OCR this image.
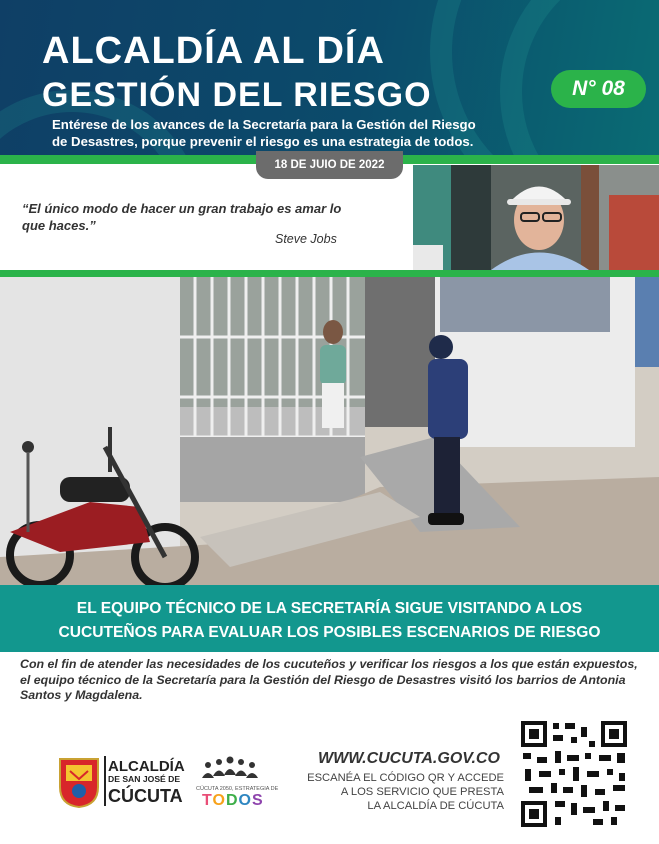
ALCALDÍA AL DÍA
GESTIÓN DEL RIESGO	N° 08
Entérese de los avances de la Secretaría para la Gestión del Riesgo
de Desastres, porque prevenir el riesgo es una estrategia de todos.
18 DE JUIO DE 2022
“El único modo de hacer un gran trabajo es amar lo que haces.”
Steve Jobs
EL EQUIPO TÉCNICO DE LA SECRETARÍA SIGUE VISITANDO A LOS
CUCUTEÑOS PARA EVALUAR LOS POSIBLES ESCENARIOS DE RIESGO
Con el fin de atender las necesidades de los cucuteños y verificar los riesgos a los que están expuestos, el equipo técnico de la Secretaría para la Gestión del Riesgo de Desastres visitó los barrios de Antonia Santos y Magdalena.
ALCALDÍA
DE SAN JOSÉ DE
CÚCUTA CÚCUTA 2050, ESTRATEGIA DE
TODOS
WWW.CUCUTA.GOV.CO
ESCANÉA EL CÓDIGO QR Y ACCEDE
A LOS SERVICIO QUE PRESTA
LA ALCALDÍA DE CÚCUTA
